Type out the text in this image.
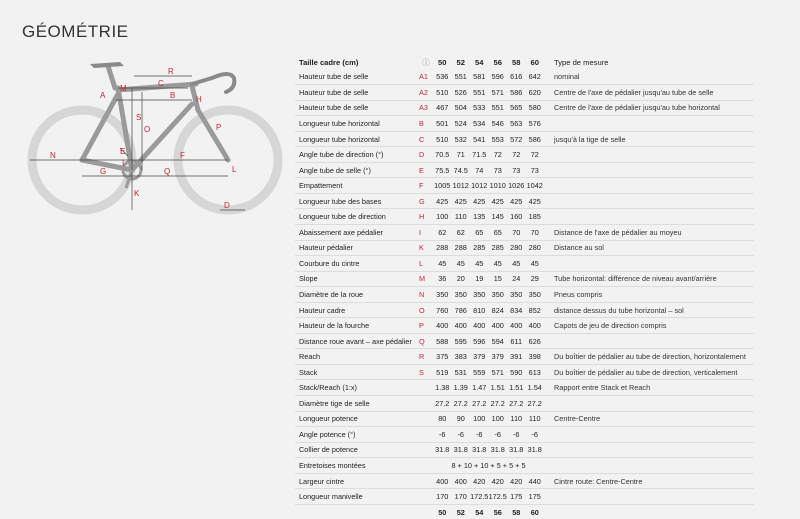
GÉOMÉTRIE
A
M
C
R
B	H
S
O
E
P
I
N
G
F
Q	L
K
D
Taille cadre (cm)	ⓘ	50	52	54	56	58	60	Type de mesure
Hauteur tube de selle	A1	536	551	581	596	616	642	nominal
Hauteur tube de selle	A2	510	526	551	571	586	620	Centre de l'axe de pédalier jusqu'au tube de selle
Hauteur tube de selle	A3	467	504	533	551	565	580	Centre de l'axe de pédalier jusqu'au tube horizontal
Longueur tube horizontal	B	501	524	534	546	563	576	
Longueur tube horizontal	C	510	532	541	553	572	586	jusqu'à la tige de selle
Angle tube de direction (°)	D	70.5	71	71.5	72	72	72	
Angle tube de selle (°)	E	75.5	74.5	74	73	73	73	
Empattement	F	1005	1012	1012	1010	1026	1042	
Longueur tube des bases	G	425	425	425	425	425	425	
Longueur tube de direction	H	100	110	135	145	160	185	
Abaissement axe pédalier	I	62	62	65	65	70	70	Distance de l'axe de pédalier au moyeu
Hauteur pédalier	K	288	288	285	285	280	280	Distance au sol
Courbure du cintre	L	45	45	45	45	45	45	
Slope	M	36	20	19	15	24	29	Tube horizontal: différence de niveau avant/arrière
Diamètre de la roue	N	350	350	350	350	350	350	Pneus compris
Hauteur cadre	O	760	786	810	824	834	852	distance dessus du tube horizontal – sol
Hauteur de la fourche	P	400	400	400	400	400	400	Capots de jeu de direction compris
Distance roue avant – axe pédalier	Q	588	595	596	594	611	626	
Reach	R	375	383	379	379	391	398	Du boîtier de pédalier au tube de direction, horizontalement
Stack	S	519	531	559	571	590	613	Du boîtier de pédalier au tube de direction, verticalement
Stack/Reach (1:x)		1.38	1.39	1.47	1.51	1.51	1.54	Rapport entre Stack et Reach
Diamètre tige de selle		27.2	27.2	27.2	27.2	27.2	27.2	
Longueur potence		80	90	100	100	110	110	Centre-Centre
Angle potence (°)		-6	-6	-6	-6	-6	-6	
Collier de potence		31.8	31.8	31.8	31.8	31.8	31.8	
Entretoises montées		8 + 10 + 10 + 5 + 5 + 5						
Largeur cintre		400	400	420	420	420	440	Cintre route: Centre-Centre
Longueur manivelle		170	170	172.5	172.5	175	175	
		50	52	54	56	58	60	
